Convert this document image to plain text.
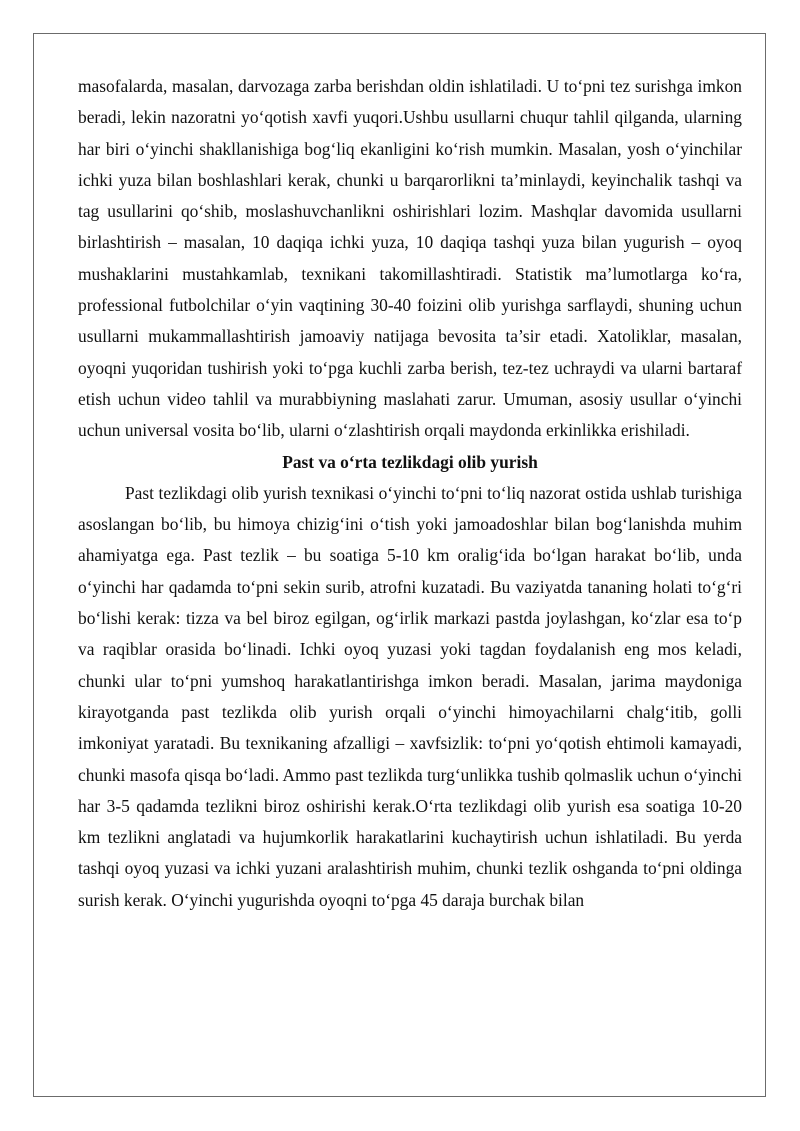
masofalarda, masalan, darvozaga zarba berishdan oldin ishlatiladi. U to‘pni tez surishga imkon beradi, lekin nazoratni yo‘qotish xavfi yuqori.Ushbu usullarni chuqur tahlil qilganda, ularning har biri o‘yinchi shakllanishiga bog‘liq ekanligini ko‘rish mumkin. Masalan, yosh o‘yinchilar ichki yuza bilan boshlashlari kerak, chunki u barqarorlikni ta’minlaydi, keyinchalik tashqi va tag usullarini qo‘shib, moslashuvchanlikni oshirishlari lozim. Mashqlar davomida usullarni birlashtirish – masalan, 10 daqiqa ichki yuza, 10 daqiqa tashqi yuza bilan yugurish – oyoq mushaklarini mustahkamlab, texnikani takomillashtiradi. Statistik ma’lumotlarga ko‘ra, professional futbolchilar o‘yin vaqtining 30-40 foizini olib yurishga sarflaydi, shuning uchun usullarni mukammallashtirish jamoaviy natijaga bevosita ta’sir etadi. Xatoliklar, masalan, oyoqni yuqoridan tushirish yoki to‘pga kuchli zarba berish, tez-tez uchraydi va ularni bartaraf etish uchun video tahlil va murabbiyning maslahati zarur. Umuman, asosiy usullar o‘yinchi uchun universal vosita bo‘lib, ularni o‘zlashtirish orqali maydonda erkinlikka erishiladi.

Past va o‘rta tezlikdagi olib yurish

Past tezlikdagi olib yurish texnikasi o‘yinchi to‘pni to‘liq nazorat ostida ushlab turishiga asoslangan bo‘lib, bu himoya chizig‘ini o‘tish yoki jamoadoshlar bilan bog‘lanishda muhim ahamiyatga ega. Past tezlik – bu soatiga 5-10 km oralig‘ida bo‘lgan harakat bo‘lib, unda o‘yinchi har qadamda to‘pni sekin surib, atrofni kuzatadi. Bu vaziyatda tananing holati to‘g‘ri bo‘lishi kerak: tizza va bel biroz egilgan, og‘irlik markazi pastda joylashgan, ko‘zlar esa to‘p va raqiblar orasida bo‘linadi. Ichki oyoq yuzasi yoki tagdan foydalanish eng mos keladi, chunki ular to‘pni yumshoq harakatlantirishga imkon beradi. Masalan, jarima maydoniga kirayotganda past tezlikda olib yurish orqali o‘yinchi himoyachilarni chalg‘itib, golli imkoniyat yaratadi. Bu texnikaning afzalligi – xavfsizlik: to‘pni yo‘qotish ehtimoli kamayadi, chunki masofa qisqa bo‘ladi. Ammo past tezlikda turg‘unlikka tushib qolmaslik uchun o‘yinchi har 3-5 qadamda tezlikni biroz oshirishi kerak.O‘rta tezlikdagi olib yurish esa soatiga 10-20 km tezlikni anglatadi va hujumkorlik harakatlarini kuchaytirish uchun ishlatiladi. Bu yerda tashqi oyoq yuzasi va ichki yuzani aralashtirish muhim, chunki tezlik oshganda to‘pni oldinga surish kerak. O‘yinchi yugurishda oyoqni to‘pga 45 daraja burchak bilan
